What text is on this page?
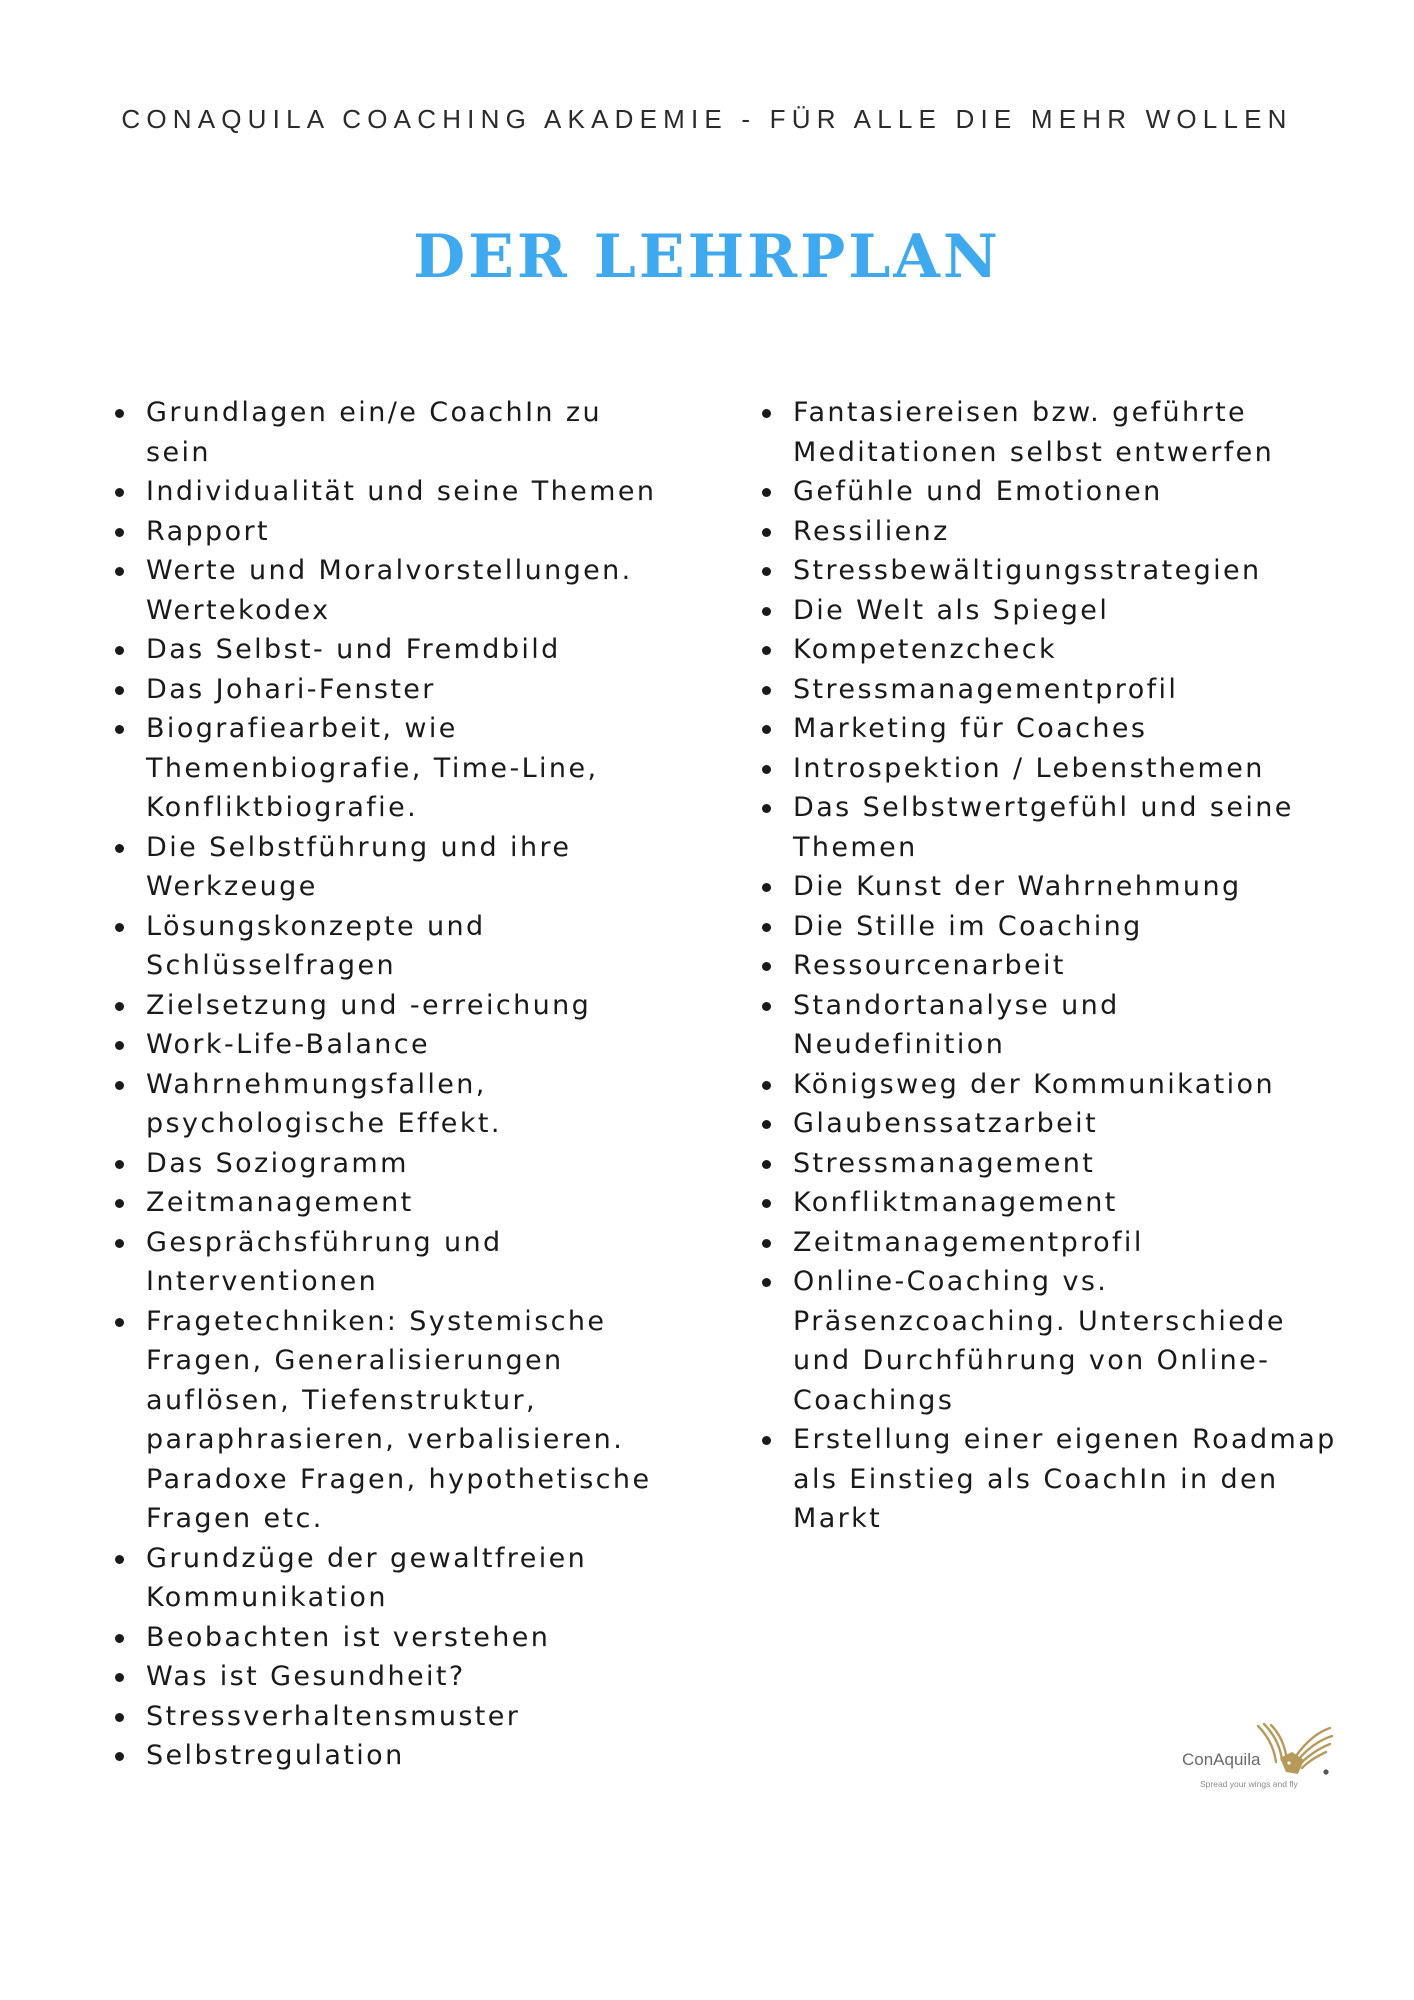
CONAQUILA COACHING AKADEMIE - FÜR ALLE DIE MEHR WOLLEN
DER LEHRPLAN
Grundlagen ein/e CoachIn zu sein
Individualität und seine Themen
Rapport
Werte und Moralvorstellungen. Wertekodex
Das Selbst- und Fremdbild
Das Johari-Fenster
Biografiearbeit, wie Themenbiografie, Time-Line, Konfliktbiografie.
Die Selbstführung und ihre Werkzeuge
Lösungskonzepte und Schlüsselfragen
Zielsetzung und -erreichung
Work-Life-Balance
Wahrnehmungsfallen, psychologische Effekt.
Das Soziogramm
Zeitmanagement
Gesprächsführung und Interventionen
Fragetechniken: Systemische Fragen, Generalisierungen auflösen, Tiefenstruktur, paraphrasieren, verbalisieren. Paradoxe Fragen, hypothetische Fragen etc.
Grundzüge der gewaltfreien Kommunikation
Beobachten ist verstehen
Was ist Gesundheit?
Stressverhaltensmuster
Selbstregulation
Fantasiereisen bzw. geführte Meditationen selbst entwerfen
Gefühle und Emotionen
Ressilienz
Stressbewältigungsstrategien
Die Welt als Spiegel
Kompetenzcheck
Stressmanagementprofil
Marketing für Coaches
Introspektion / Lebensthemen
Das Selbstwertgefühl und seine Themen
Die Kunst der Wahrnehmung
Die Stille im Coaching
Ressourcenarbeit
Standortanalyse und Neudefinition
Königsweg der Kommunikation
Glaubenssatzarbeit
Stressmanagement
Konfliktmanagement
Zeitmanagementprofil
Online-Coaching vs. Präsenzcoaching. Unterschiede und Durchführung von Online-Coachings
Erstellung einer eigenen Roadmap als Einstieg als CoachIn in den Markt
ConAquila
Spread your wings and fly
